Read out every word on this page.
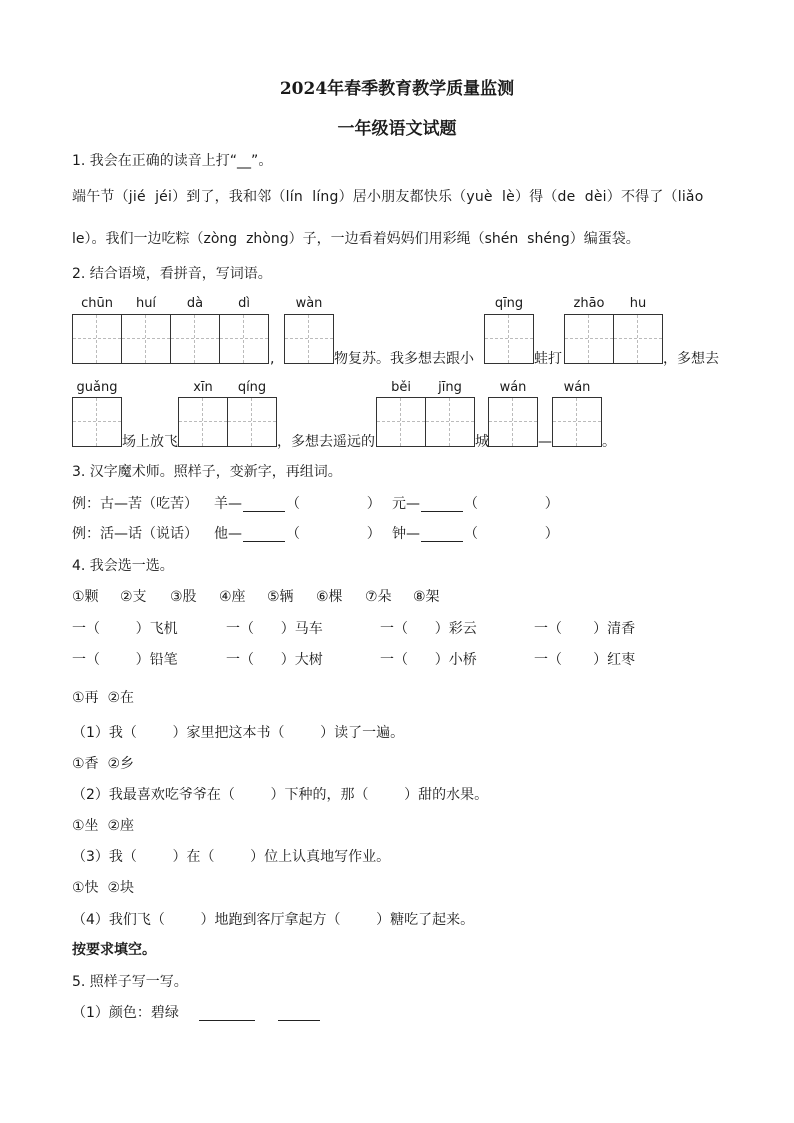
2024年春季教育教学质量监测
一年级语文试题
1. 我会在正确的读音上打“__”。
端午节（jié  jéi）到了，我和邻（lín  líng）居小朋友都快乐（yuè  lè）得（de  dèi）不得了（liǎo
le）。我们一边吃粽（zòng  zhòng）子，一边看着妈妈们用彩绳（shén  shéng）编蛋袋。
2. 结合语境，看拼音，写词语。
chūn	huí	dà	dì	wàn	qīng	zhāo	hu
,	物复苏。我多想去跟小	蛙打	，多想去
guǎng	xīn	qíng	běi	jīng	wán	wán
场上放飞	，多想去遥远的	城	—	。
3. 汉字魔术师。照样子，变新字，再组词。
例：古—苦（吃苦） 羊—	（               ） 元—	（               ）
例：活—话（说话） 他—	（               ） 钟—	（               ）
4. 我会选一选。
①颗 ②支 ③股 ④座 ⑤辆 ⑥棵 ⑦朵 ⑧架
一（        ）飞机	一（      ）马车	一（      ）彩云	一（       ）清香
一（        ）铅笔	一（      ）大树	一（      ）小桥	一（       ）红枣
①再  ②在
（1）我（        ）家里把这本书（        ）读了一遍。
①香  ②乡
（2）我最喜欢吃爷爷在（        ）下种的，那（        ）甜的水果。
①坐  ②座
（3）我（        ）在（        ）位上认真地写作业。
①快  ②块
（4）我们飞（        ）地跑到客厅拿起方（        ）糖吃了起来。
按要求填空。
5. 照样子写一写。
（1）颜色：碧绿
